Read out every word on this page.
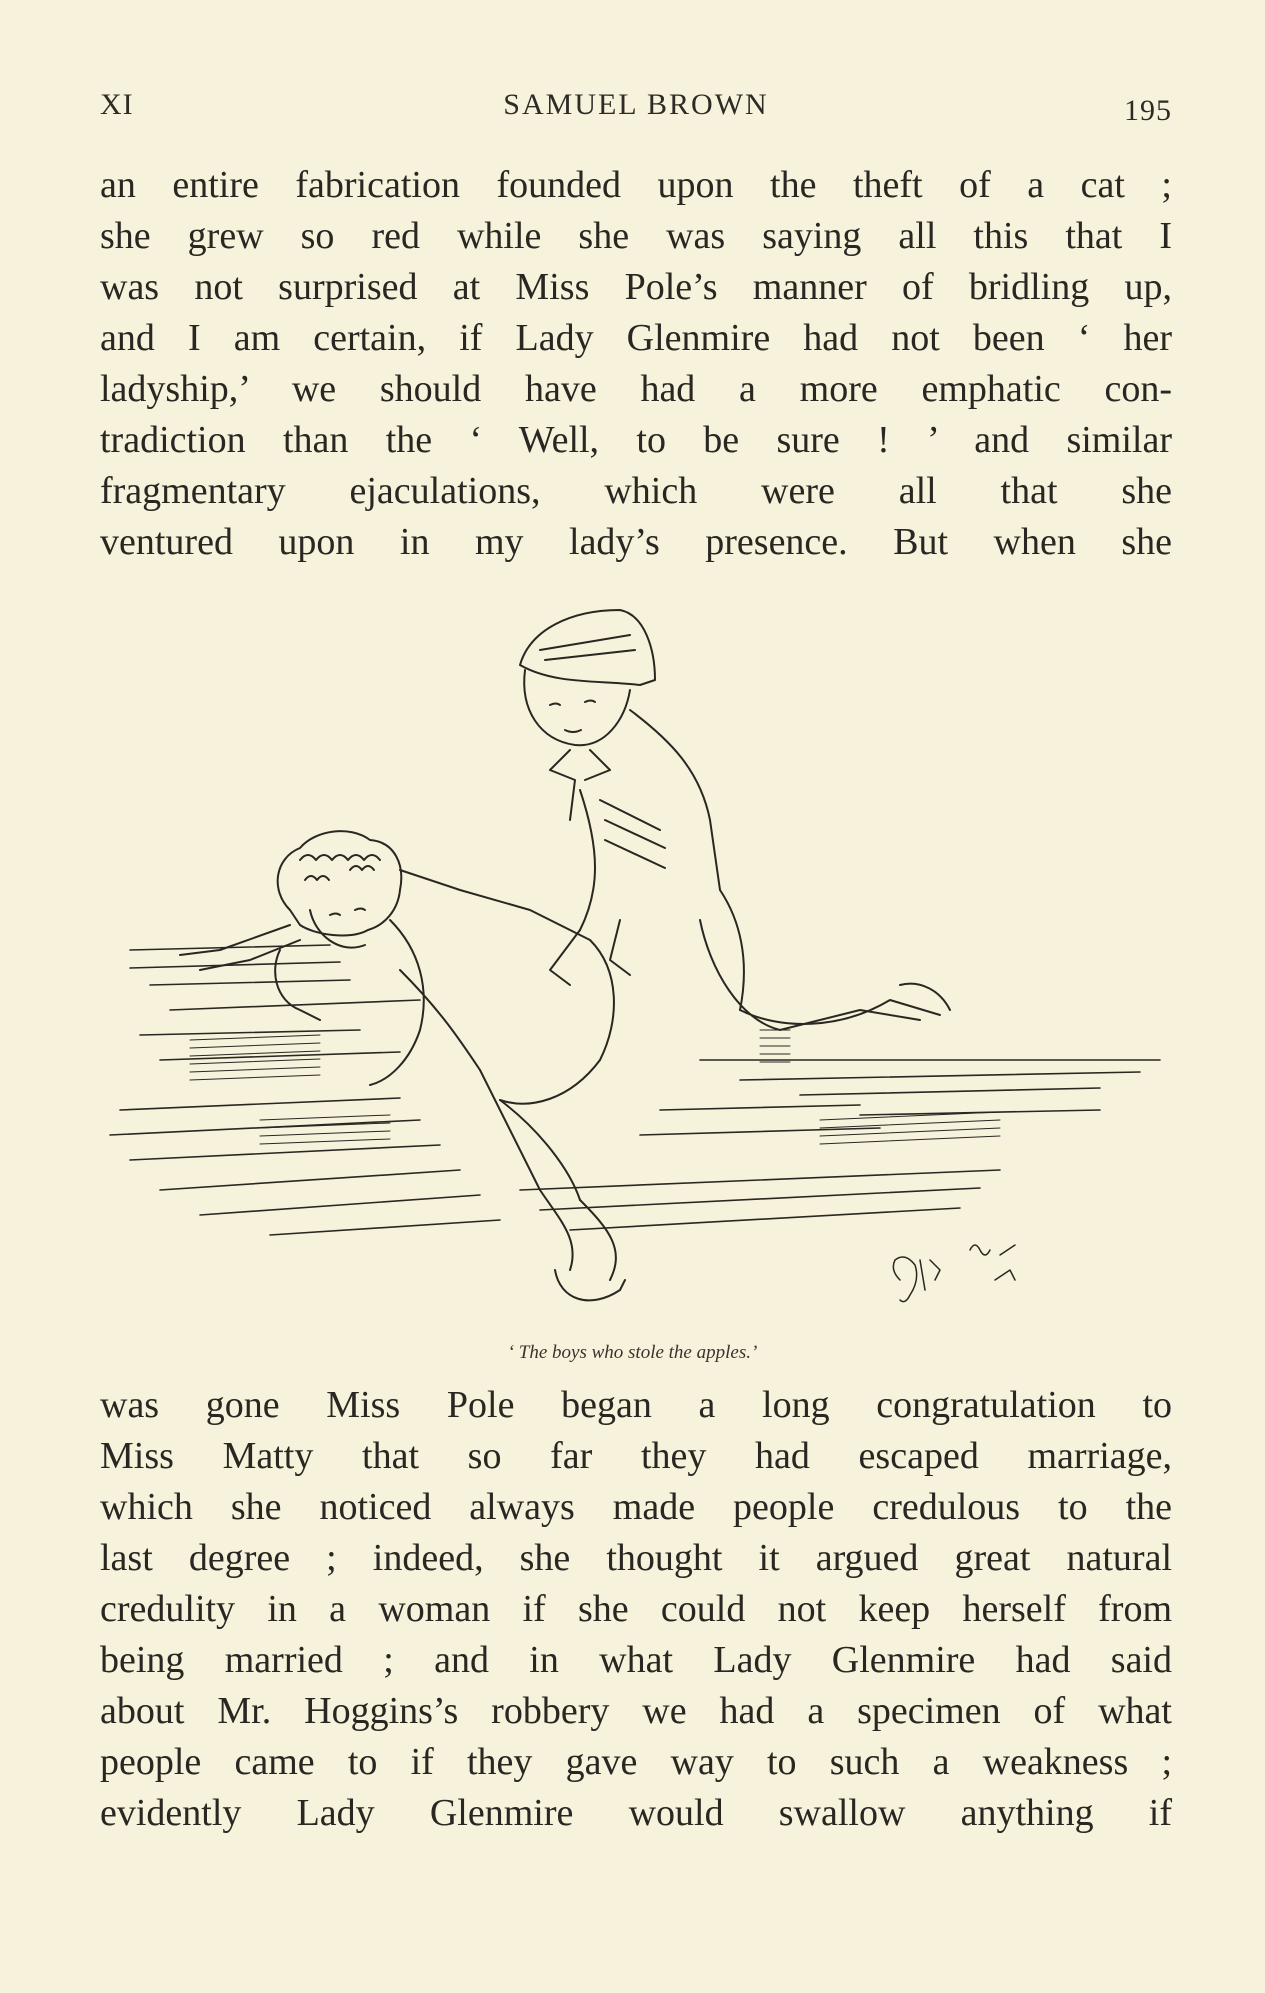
XI	SAMUEL BROWN	195
an entire fabrication founded upon the theft of a cat ;
she grew so red while she was saying all this that I
was not surprised at Miss Pole’s manner of bridling up,
and I am certain, if Lady Glenmire had not been ‘ her
ladyship,’ we should have had a more emphatic con-
tradiction than the ‘ Well, to be sure ! ’ and similar
fragmentary ejaculations, which were all that she
ventured upon in my lady’s presence. But when she
‘ The boys who stole the apples.’
was gone Miss Pole began a long congratulation to
Miss Matty that so far they had escaped marriage,
which she noticed always made people credulous to the
last degree ; indeed, she thought it argued great natural
credulity in a woman if she could not keep herself from
being married ; and in what Lady Glenmire had said
about Mr. Hoggins’s robbery we had a specimen of what
people came to if they gave way to such a weakness ;
evidently Lady Glenmire would swallow anything if
